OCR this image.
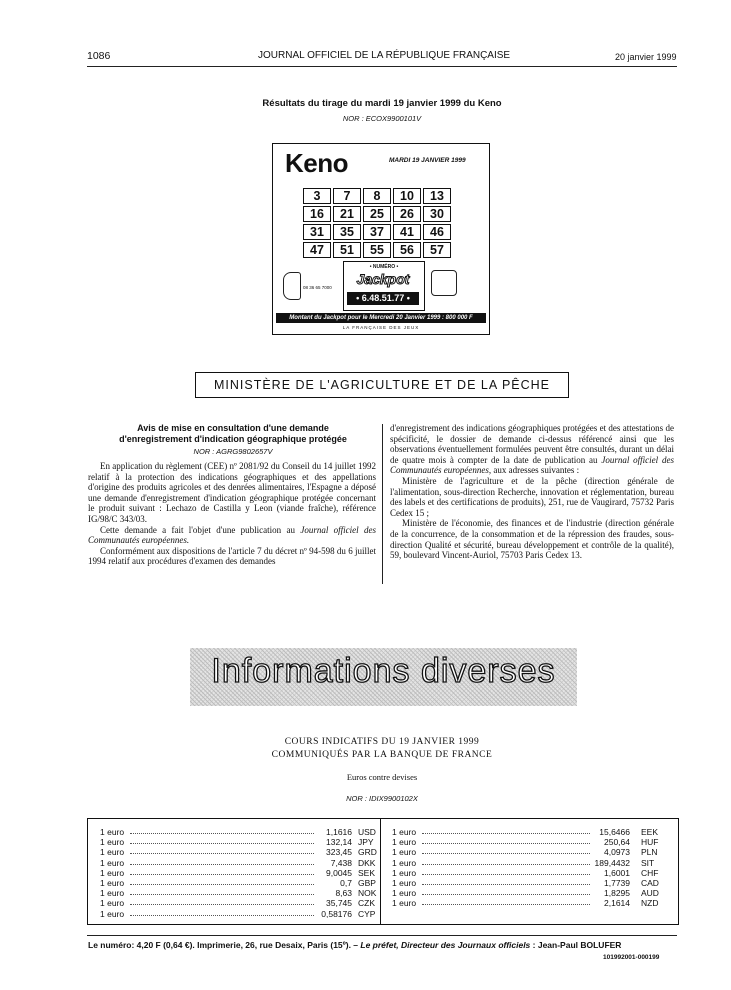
1086	JOURNAL OFFICIEL DE LA RÉPUBLIQUE FRANÇAISE	20 janvier 1999
Résultats du tirage du mardi 19 janvier 1999 du Keno
NOR : ECOX9900101V
Keno	MARDI 19 JANVIER 1999
3	7	8	10	13
16	21	25	26	30
31	35	37	41	46
47	51	55	56	57
08 36 65 7000
• NUMÉRO •
Jackpot
• 6.48.51.77 •
Montant du Jackpot pour le Mercredi 20 Janvier 1999 : 800 000 F
LA FRANÇAISE DES JEUX
MINISTÈRE DE L'AGRICULTURE ET DE LA PÊCHE
Avis de mise en consultation d'une demande
d'enregistrement d'indication géographique protégée
NOR : AGRG9802657V

En application du règlement (CEE) nº 2081/92 du Conseil du 14 juillet 1992 relatif à la protection des indications géographiques et des appellations d'origine des produits agricoles et des denrées alimentaires, l'Espagne a déposé une demande d'enregistrement d'indication géographique protégée concernant le produit suivant : Lechazo de Castilla y Leon (viande fraîche), référence IG/98/C 343/03.

Cette demande a fait l'objet d'une publication au Journal officiel des Communautés européennes.

Conformément aux dispositions de l'article 7 du décret nº 94-598 du 6 juillet 1994 relatif aux procédures d'examen des demandes

d'enregistrement des indications géographiques protégées et des attestations de spécificité, le dossier de demande ci-dessus référencé ainsi que les observations éventuellement formulées peuvent être consultés, durant un délai de quatre mois à compter de la date de publication au Journal officiel des Communautés européennes, aux adresses suivantes :

Ministère de l'agriculture et de la pêche (direction générale de l'alimentation, sous-direction Recherche, innovation et réglementation, bureau des labels et des certifications de produits), 251, rue de Vaugirard, 75732 Paris Cedex 15 ;

Ministère de l'économie, des finances et de l'industrie (direction générale de la concurrence, de la consommation et de la répression des fraudes, sous-direction Qualité et sécurité, bureau développement et contrôle de la qualité), 59, boulevard Vincent-Auriol, 75703 Paris Cedex 13.

Informations diverses
COURS INDICATIFS DU 19 JANVIER 1999
COMMUNIQUÉS PAR LA BANQUE DE FRANCE
Euros contre devises
NOR : IDIX9900102X
1 euro	1,1616 USD
1 euro	132,14 JPY
1 euro	323,45 GRD
1 euro	7,438 DKK
1 euro	9,0045 SEK
1 euro	0,7 GBP
1 euro	8,63 NOK
1 euro	35,745 CZK
1 euro	0,58176 CYP
1 euro	15,6466 EEK
1 euro	250,64 HUF
1 euro	4,0973 PLN
1 euro	189,4432 SIT
1 euro	1,6001 CHF
1 euro	1,7739 CAD
1 euro	1,8295 AUD
1 euro	2,1614 NZD
Le numéro: 4,20 F (0,64 €). Imprimerie, 26, rue Desaix, Paris (15º). – Le préfet, Directeur des Journaux officiels : Jean-Paul BOLUFER
101992001-000199
